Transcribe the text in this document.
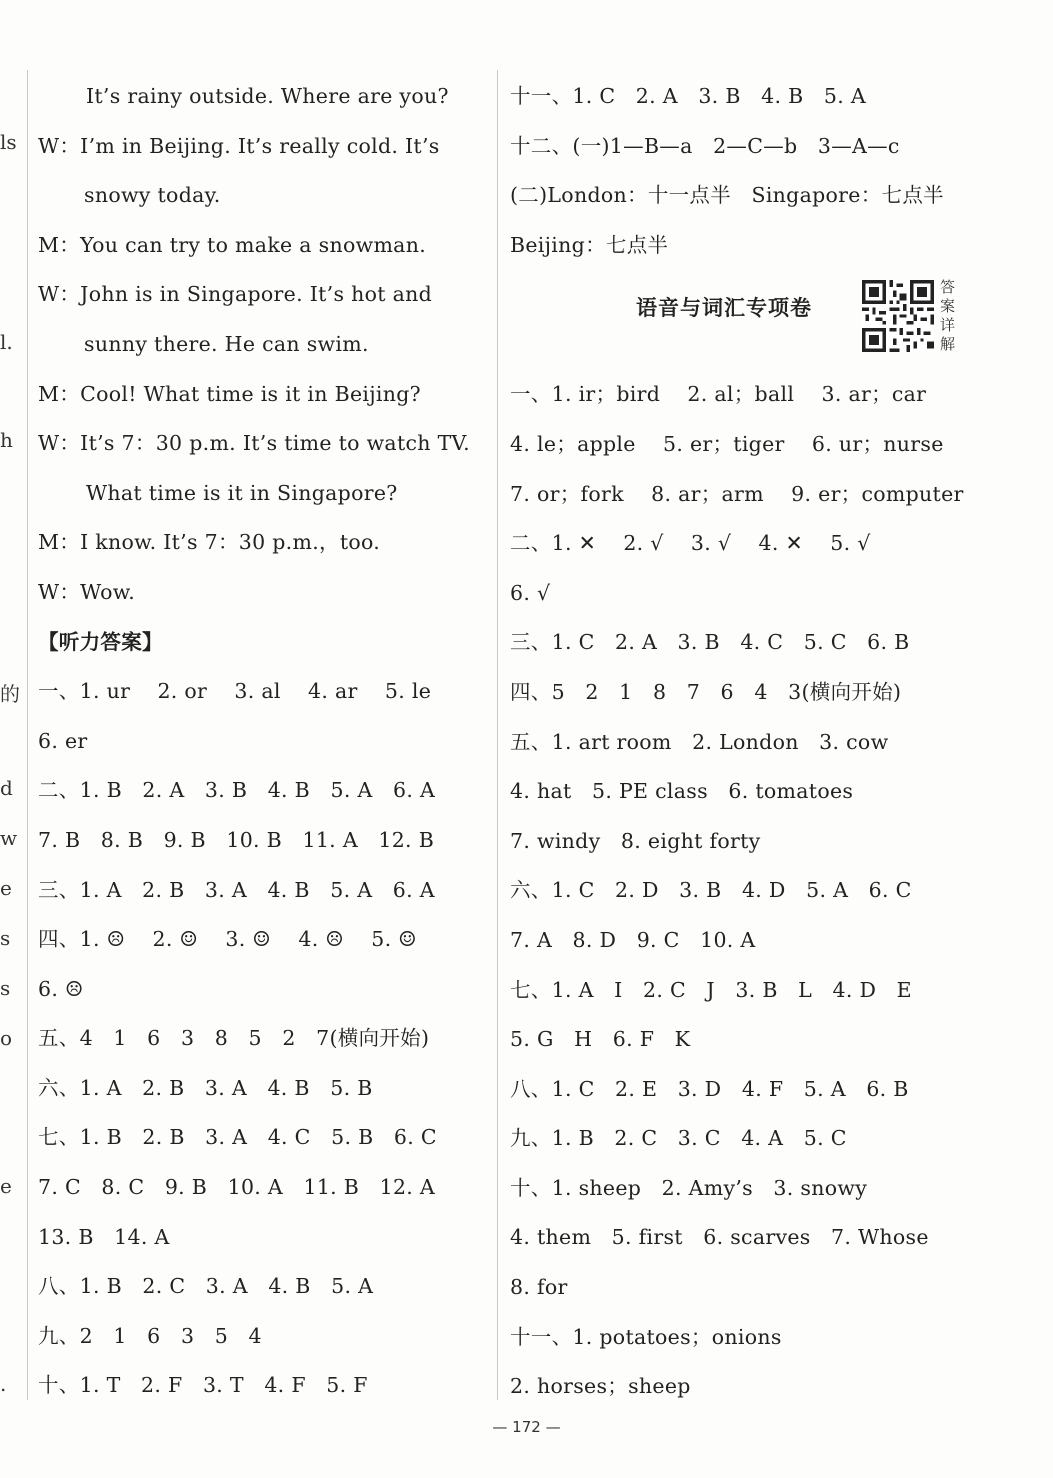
ls
l.
h
的
d
w
e
s
s
o
e
.
It’s rainy outside. Where are you?
W：I’m in Beijing. It’s really cold. It’s
snowy today.
M：You can try to make a snowman.
W：John is in Singapore. It’s hot and
sunny there. He can swim.
M：Cool! What time is it in Beijing?
W：It’s 7：30 p.m. It’s time to watch TV.
What time is it in Singapore?
M：I know. It’s 7：30 p.m.，too.
W：Wow.
【听力答案】
一、1. ur    2. or    3. al    4. ar    5. le
6. er
二、1. B   2. A   3. B   4. B   5. A   6. A
7. B   8. B   9. B   10. B   11. A   12. B
三、1. A   2. B   3. A   4. B   5. A   6. A
四、1. ☹    2. ☺    3. ☺    4. ☹    5. ☺
6. ☹
五、4   1   6   3   8   5   2   7(横向开始)
六、1. A   2. B   3. A   4. B   5. B
七、1. B   2. B   3. A   4. C   5. B   6. C
7. C   8. C   9. B   10. A   11. B   12. A
13. B   14. A
八、1. B   2. C   3. A   4. B   5. A
九、2   1   6   3   5   4
十、1. T   2. F   3. T   4. F   5. F
十一、1. C   2. A   3. B   4. B   5. A
十二、(一)1—B—a   2—C—b   3—A—c
(二)London：十一点半   Singapore：七点半
Beijing：七点半
语音与词汇专项卷
答案详解
一、1. ir；bird    2. al；ball    3. ar；car
4. le；apple    5. er；tiger    6. ur；nurse
7. or；fork    8. ar；arm    9. er；computer
二、1. ✕    2. √    3. √    4. ✕    5. √
6. √
三、1. C   2. A   3. B   4. C   5. C   6. B
四、5   2   1   8   7   6   4   3(横向开始)
五、1. art room   2. London   3. cow
4. hat   5. PE class   6. tomatoes
7. windy   8. eight forty
六、1. C   2. D   3. B   4. D   5. A   6. C
7. A   8. D   9. C   10. A
七、1. A   I   2. C   J   3. B   L   4. D   E
5. G   H   6. F   K
八、1. C   2. E   3. D   4. F   5. A   6. B
九、1. B   2. C   3. C   4. A   5. C
十、1. sheep   2. Amy’s   3. snowy
4. them   5. first   6. scarves   7. Whose
8. for
十一、1. potatoes；onions
2. horses；sheep
— 172 —
